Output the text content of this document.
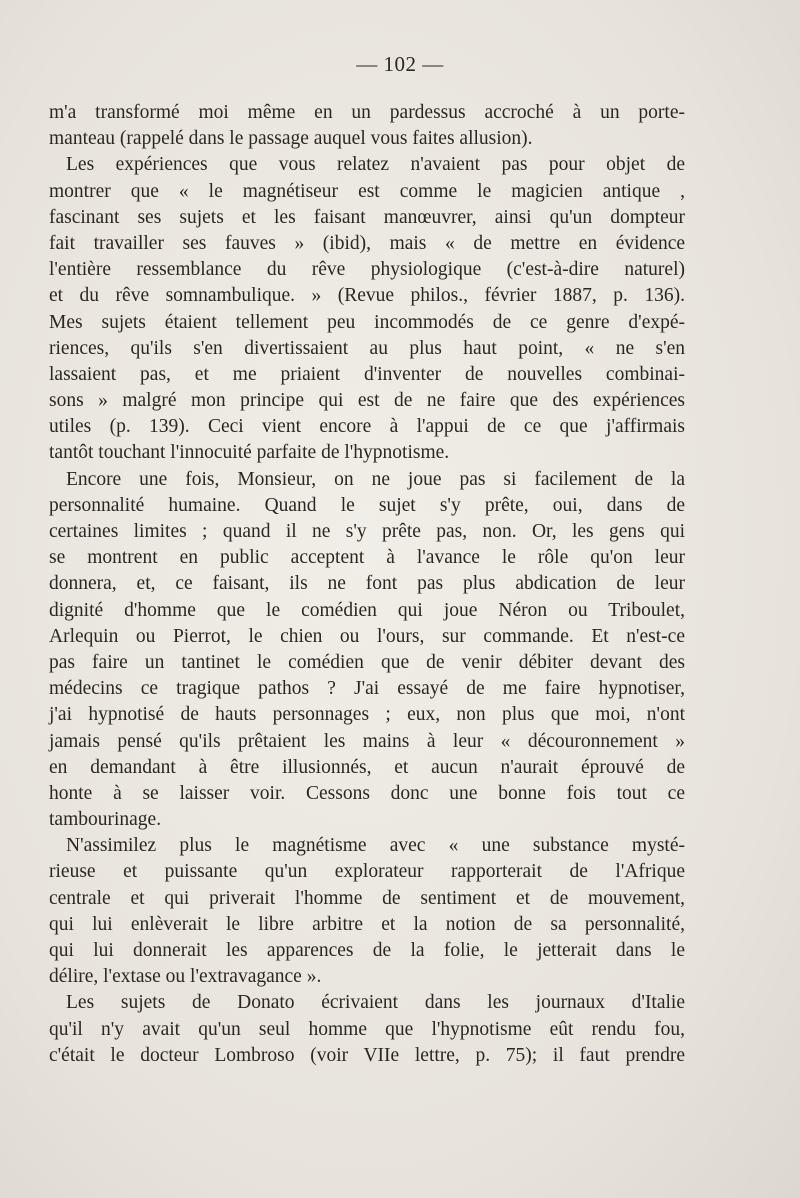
— 102 —
m'a transformé moi même en un pardessus accroché à un porte-
manteau (rappelé dans le passage auquel vous faites allusion).
Les expériences que vous relatez n'avaient pas pour objet de
montrer que « le magnétiseur est comme le magicien antique ,
fascinant ses sujets et les faisant manœuvrer, ainsi qu'un dompteur
fait travailler ses fauves » (ibid), mais « de mettre en évidence
l'entière ressemblance du rêve physiologique (c'est-à-dire naturel)
et du rêve somnambulique. » (Revue philos., février 1887, p. 136).
Mes sujets étaient tellement peu incommodés de ce genre d'expé-
riences, qu'ils s'en divertissaient au plus haut point, « ne s'en
lassaient pas, et me priaient d'inventer de nouvelles combinai-
sons » malgré mon principe qui est de ne faire que des expériences
utiles (p. 139). Ceci vient encore à l'appui de ce que j'affirmais
tantôt touchant l'innocuité parfaite de l'hypnotisme.
Encore une fois, Monsieur, on ne joue pas si facilement de la
personnalité humaine. Quand le sujet s'y prête, oui, dans de
certaines limites ; quand il ne s'y prête pas, non. Or, les gens qui
se montrent en public acceptent à l'avance le rôle qu'on leur
donnera, et, ce faisant, ils ne font pas plus abdication de leur
dignité d'homme que le comédien qui joue Néron ou Triboulet,
Arlequin ou Pierrot, le chien ou l'ours, sur commande. Et n'est-ce
pas faire un tantinet le comédien que de venir débiter devant des
médecins ce tragique pathos ? J'ai essayé de me faire hypnotiser,
j'ai hypnotisé de hauts personnages ; eux, non plus que moi, n'ont
jamais pensé qu'ils prêtaient les mains à leur « découronnement »
en demandant à être illusionnés, et aucun n'aurait éprouvé de
honte à se laisser voir. Cessons donc une bonne fois tout ce
tambourinage.
N'assimilez plus le magnétisme avec « une substance mysté-
rieuse et puissante qu'un explorateur rapporterait de l'Afrique
centrale et qui priverait l'homme de sentiment et de mouvement,
qui lui enlèverait le libre arbitre et la notion de sa personnalité,
qui lui donnerait les apparences de la folie, le jetterait dans le
délire, l'extase ou l'extravagance ».
Les sujets de Donato écrivaient dans les journaux d'Italie
qu'il n'y avait qu'un seul homme que l'hypnotisme eût rendu fou,
c'était le docteur Lombroso (voir VIIe lettre, p. 75); il faut prendre
